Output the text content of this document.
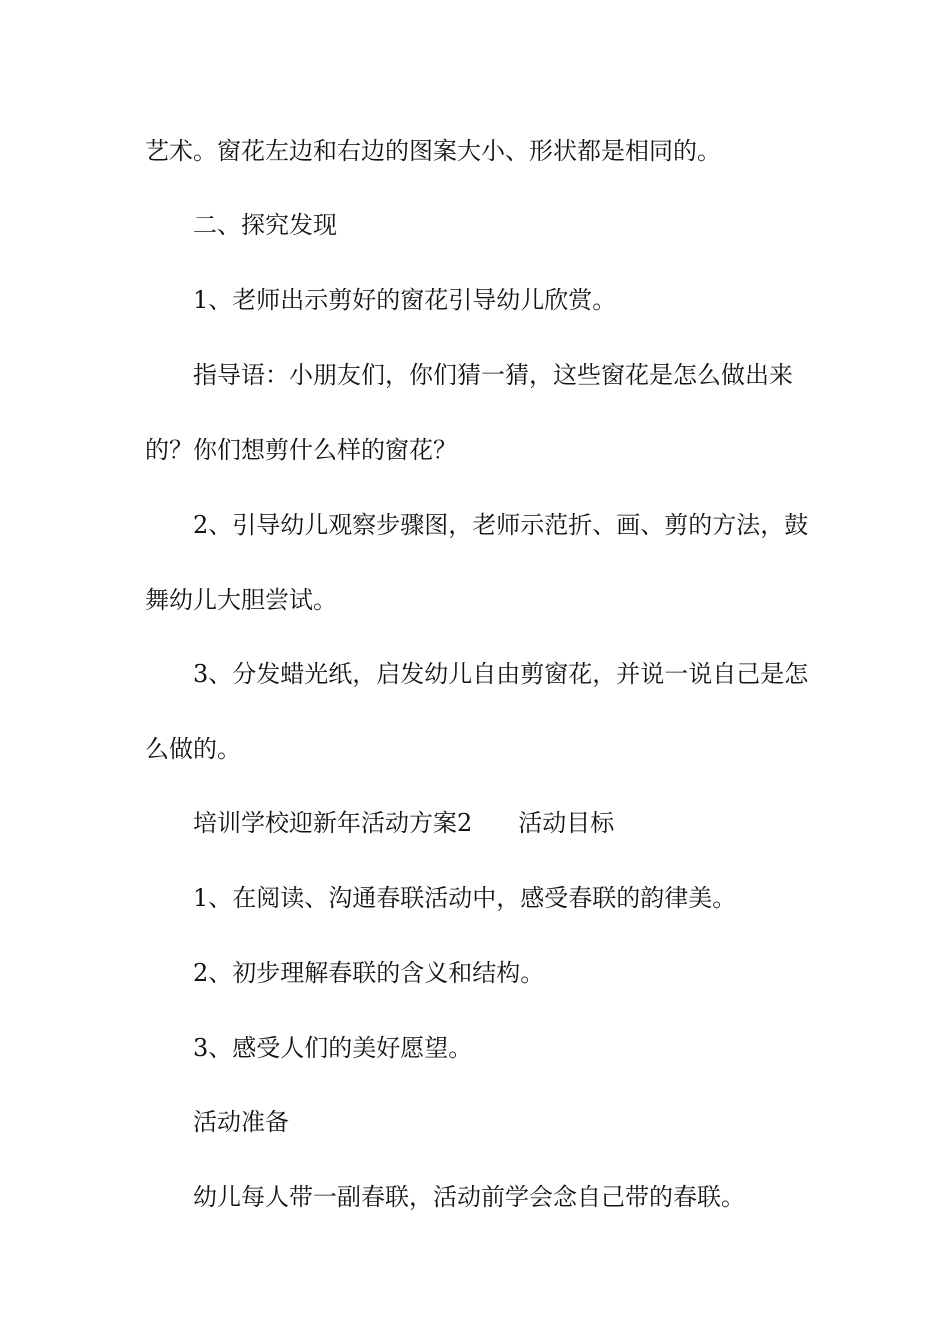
艺术。窗花左边和右边的图案大小、形状都是相同的。
二、探究发现
1、老师出示剪好的窗花引导幼儿欣赏。
指导语：小朋友们，你们猜一猜，这些窗花是怎么做出来
的？你们想剪什么样的窗花？
2、引导幼儿观察步骤图，老师示范折、画、剪的方法，鼓
舞幼儿大胆尝试。
3、分发蜡光纸，启发幼儿自由剪窗花，并说一说自己是怎
么做的。
培训学校迎新年活动方案2 活动目标
1、在阅读、沟通春联活动中，感受春联的韵律美。
2、初步理解春联的含义和结构。
3、感受人们的美好愿望。
活动准备
幼儿每人带一副春联，活动前学会念自己带的春联。
